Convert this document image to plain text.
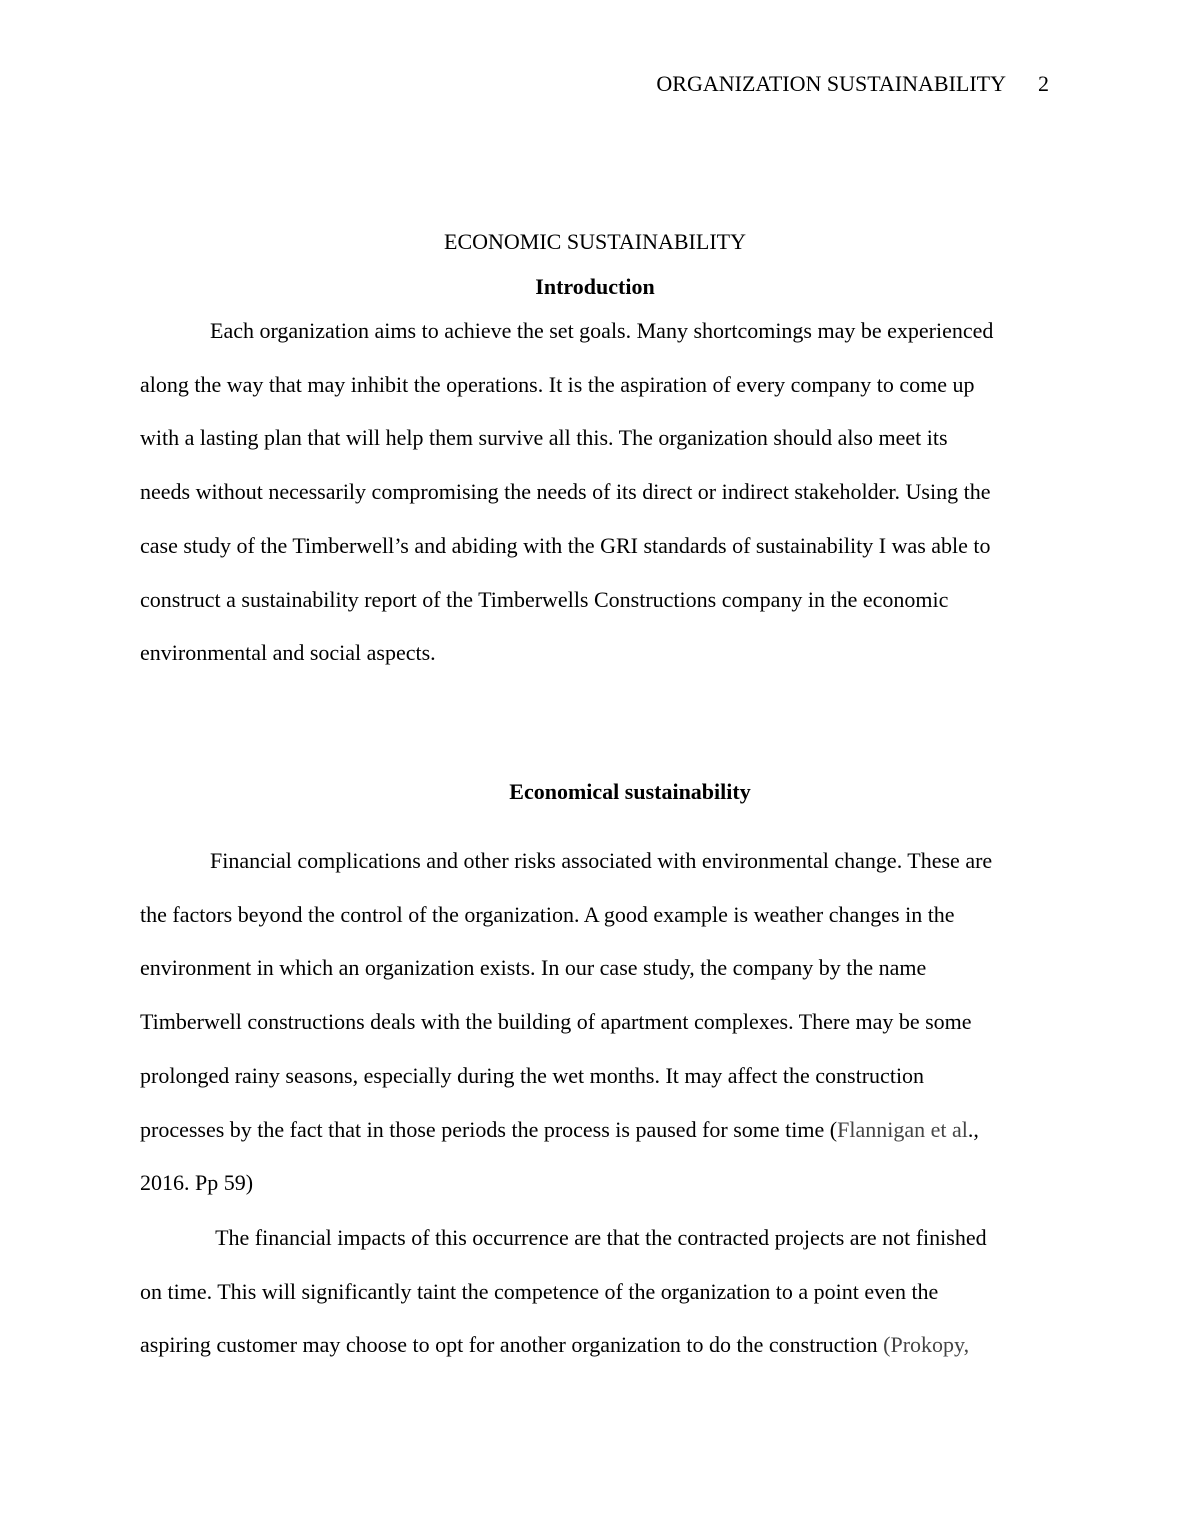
ORGANIZATION SUSTAINABILITY 2
ECONOMIC SUSTAINABILITY
Introduction

Each organization aims to achieve the set goals. Many shortcomings may be experienced
along the way that may inhibit the operations. It is the aspiration of every company to come up
with a lasting plan that will help them survive all this. The organization should also meet its
needs without necessarily compromising the needs of its direct or indirect stakeholder. Using the
case study of the Timberwell’s and abiding with the GRI standards of sustainability I was able to
construct a sustainability report of the Timberwells Constructions company in the economic
environmental and social aspects.

Economical sustainability

Financial complications and other risks associated with environmental change. These are
the factors beyond the control of the organization. A good example is weather changes in the
environment in which an organization exists. In our case study, the company by the name
Timberwell constructions deals with the building of apartment complexes. There may be some
prolonged rainy seasons, especially during the wet months. It may affect the construction
processes by the fact that in those periods the process is paused for some time (Flannigan et al.,
2016. Pp 59)

The financial impacts of this occurrence are that the contracted projects are not finished
on time. This will significantly taint the competence of the organization to a point even the
aspiring customer may choose to opt for another organization to do the construction (Prokopy,
